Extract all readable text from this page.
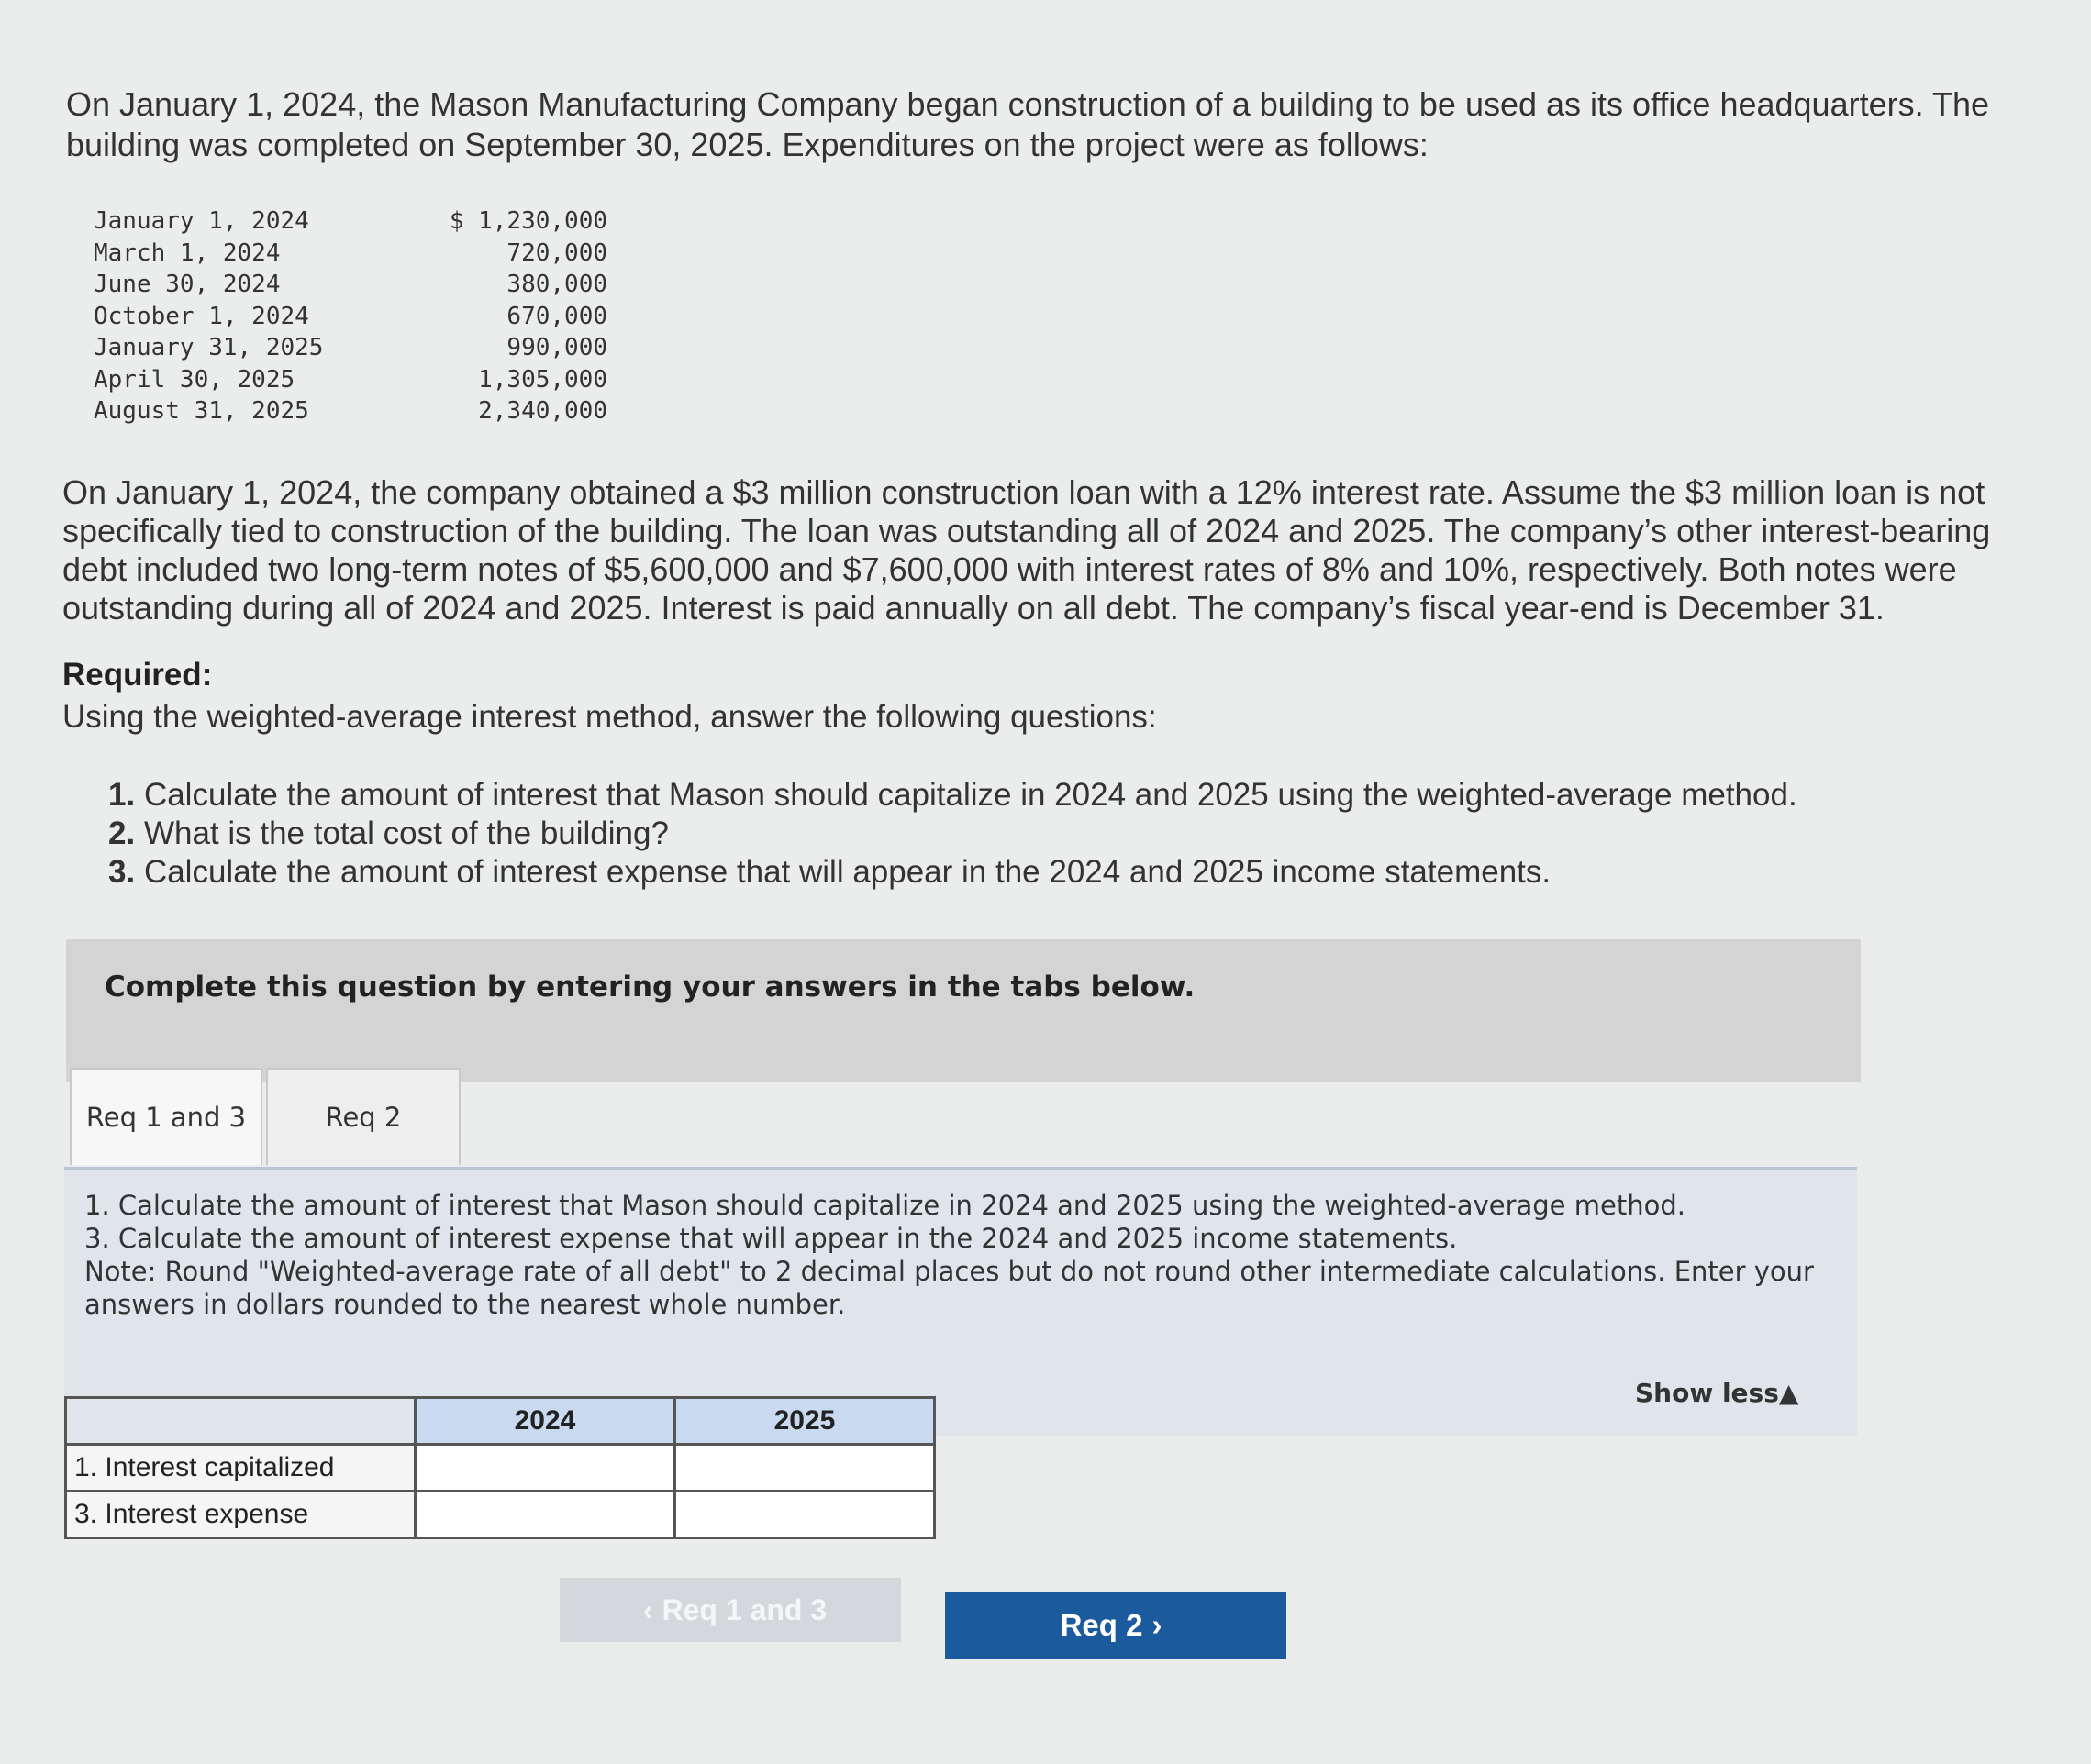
On January 1, 2024, the Mason Manufacturing Company began construction of a building to be used as its office headquarters. The building was completed on September 30, 2025. Expenditures on the project were as follows:
January 1, 2024	$ 1,230,000
March 1, 2024	720,000
June 30, 2024	380,000
October 1, 2024	670,000
January 31, 2025	990,000
April 30, 2025	1,305,000
August 31, 2025	2,340,000
On January 1, 2024, the company obtained a $3 million construction loan with a 12% interest rate. Assume the $3 million loan is not specifically tied to construction of the building. The loan was outstanding all of 2024 and 2025. The company’s other interest-bearing debt included two long-term notes of $5,600,000 and $7,600,000 with interest rates of 8% and 10%, respectively. Both notes were outstanding during all of 2024 and 2025. Interest is paid annually on all debt. The company’s fiscal year-end is December 31.
Required:
Using the weighted-average interest method, answer the following questions:
1. Calculate the amount of interest that Mason should capitalize in 2024 and 2025 using the weighted-average method.
2. What is the total cost of the building?
3. Calculate the amount of interest expense that will appear in the 2024 and 2025 income statements.
Complete this question by entering your answers in the tabs below.
Req 1 and 3	Req 2
1. Calculate the amount of interest that Mason should capitalize in 2024 and 2025 using the weighted-average method.
3. Calculate the amount of interest expense that will appear in the 2024 and 2025 income statements.
Note: Round "Weighted-average rate of all debt" to 2 decimal places but do not round other intermediate calculations. Enter your answers in dollars rounded to the nearest whole number.
Show less▲
	2024	2025
1. Interest capitalized		
3. Interest expense		
‹ Req 1 and 3	Req 2 ›
